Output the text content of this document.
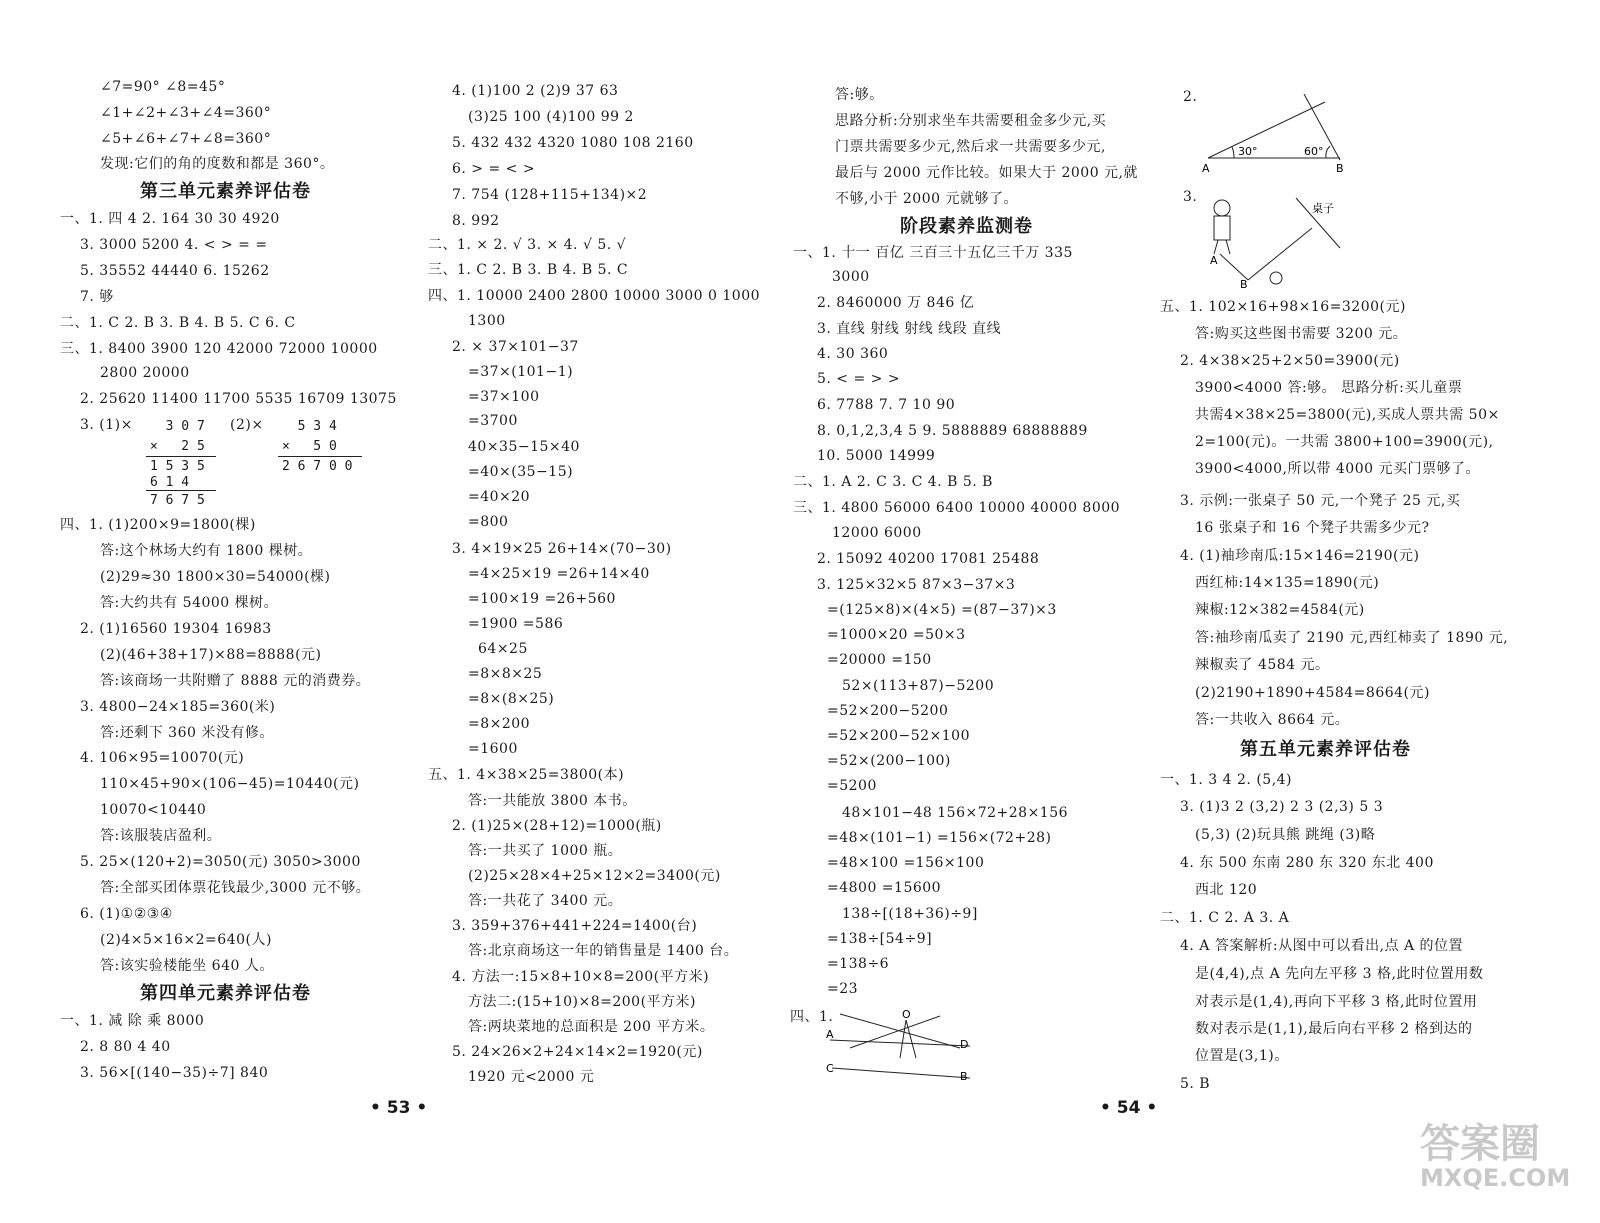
∠7=90° ∠8=45°
∠1+∠2+∠3+∠4=360°
∠5+∠6+∠7+∠8=360°
发现:它们的角的度数和都是 360°。
第三单元素养评估卷
一、1. 四 4 2. 164 30 30 4920
3. 3000 5200 4. < > = =
5. 35552 44440 6. 15262
7. 够
二、1. C 2. B 3. B 4. B 5. C 6. C
三、1. 8400 3900 120 42000 72000 10000
2800 20000
2. 25620 11400 11700 5535 16709 13075
3. (1)×	(2)×
四、1. (1)200×9=1800(棵)
答:这个林场大约有 1800 棵树。
(2)29≈30 1800×30=54000(棵)
答:大约共有 54000 棵树。
2. (1)16560 19304 16983
(2)(46+38+17)×88=8888(元)
答:该商场一共附赠了 8888 元的消费券。
3. 4800−24×185=360(米)
答:还剩下 360 米没有修。
4. 106×95=10070(元)
110×45+90×(106−45)=10440(元)
10070<10440
答:该服装店盈利。
5. 25×(120+2)=3050(元) 3050>3000
答:全部买团体票花钱最少,3000 元不够。
6. (1)①②③④
(2)4×5×16×2=640(人)
答:该实验楼能坐 640 人。
第四单元素养评估卷
一、1. 减 除 乘 8000
2. 8 80 4 40
3. 56×[(140−35)÷7] 840
3 0 7
×   2 5
1 5 3 5
6 1 4
7 6 7 5
5 3 4
×   5 0
2 6 7 0 0
4. (1)100 2 (2)9 37 63
(3)25 100 (4)100 99 2
5. 432 432 4320 1080 108 2160
6. > = < >
7. 754 (128+115+134)×2
8. 992
二、1. × 2. √ 3. × 4. √ 5. √
三、1. C 2. B 3. B 4. B 5. C
四、1. 10000 2400 2800 10000 3000 0 1000
1300
2. × 37×101−37
=37×(101−1)
=37×100
=3700
40×35−15×40
=40×(35−15)
=40×20
=800
3. 4×19×25 26+14×(70−30)
=4×25×19 =26+14×40
=100×19 =26+560
=1900 =586
64×25
=8×8×25
=8×(8×25)
=8×200
=1600
五、1. 4×38×25=3800(本)
答:一共能放 3800 本书。
2. (1)25×(28+12)=1000(瓶)
答:一共买了 1000 瓶。
(2)25×28×4+25×12×2=3400(元)
答:一共花了 3400 元。
3. 359+376+441+224=1400(台)
答:北京商场这一年的销售量是 1400 台。
4. 方法一:15×8+10×8=200(平方米)
方法二:(15+10)×8=200(平方米)
答:两块菜地的总面积是 200 平方米。
5. 24×26×2+24×14×2=1920(元)
1920 元<2000 元
答:够。
思路分析:分别求坐车共需要租金多少元,买
门票共需要多少元,然后求一共需要多少元,
最后与 2000 元作比较。如果大于 2000 元,就
不够,小于 2000 元就够了。
阶段素养监测卷
一、1. 十一 百亿 三百三十五亿三千万 335
3000
2. 8460000 万 846 亿
3. 直线 射线 射线 线段 直线
4. 30 360
5. < = > >
6. 7788 7. 7 10 90
8. 0,1,2,3,4 5 9. 5888889 68888889
10. 5000 14999
二、1. A 2. C 3. C 4. B 5. B
三、1. 4800 56000 6400 10000 40000 8000
12000 6000
2. 15092 40200 17081 25488
3. 125×32×5 87×3−37×3
=(125×8)×(4×5) =(87−37)×3
=1000×20 =50×3
=20000 =150
52×(113+87)−5200
=52×200−5200
=52×200−52×100
=52×(200−100)
=5200
48×101−48 156×72+28×156
=48×(101−1) =156×(72+28)
=48×100 =156×100
=4800 =15600
138÷[(18+36)÷9]
=138÷[54÷9]
=138÷6
=23
四、1.
2.
3.
五、1. 102×16+98×16=3200(元)
答:购买这些图书需要 3200 元。
2. 4×38×25+2×50=3900(元)
3900<4000 答:够。 思路分析:买儿童票
共需4×38×25=3800(元),买成人票共需 50×
2=100(元)。一共需 3800+100=3900(元),
3900<4000,所以带 4000 元买门票够了。
3. 示例:一张桌子 50 元,一个凳子 25 元,买
16 张桌子和 16 个凳子共需多少元?
4. (1)袖珍南瓜:15×146=2190(元)
西红柿:14×135=1890(元)
辣椒:12×382=4584(元)
答:袖珍南瓜卖了 2190 元,西红柿卖了 1890 元,
辣椒卖了 4584 元。
(2)2190+1890+4584=8664(元)
答:一共收入 8664 元。
第五单元素养评估卷
一、1. 3 4 2. (5,4)
3. (1)3 2 (3,2) 2 3 (2,3) 5 3
(5,3) (2)玩具熊 跳绳 (3)略
4. 东 500 东南 280 东 320 东北 400
西北 120
二、1. C 2. A 3. A
4. A 答案解析:从图中可以看出,点 A 的位置
是(4,4),点 A 先向左平移 3 格,此时位置用数
对表示是(1,4),再向下平移 3 格,此时位置用
数对表示是(1,1),最后向右平移 2 格到达的
位置是(3,1)。
5. B
• 53 •	• 54 •
O
A
D
C
B
A
30°	60°
B
A
B
桌子
答案圈
MXQE.COM
